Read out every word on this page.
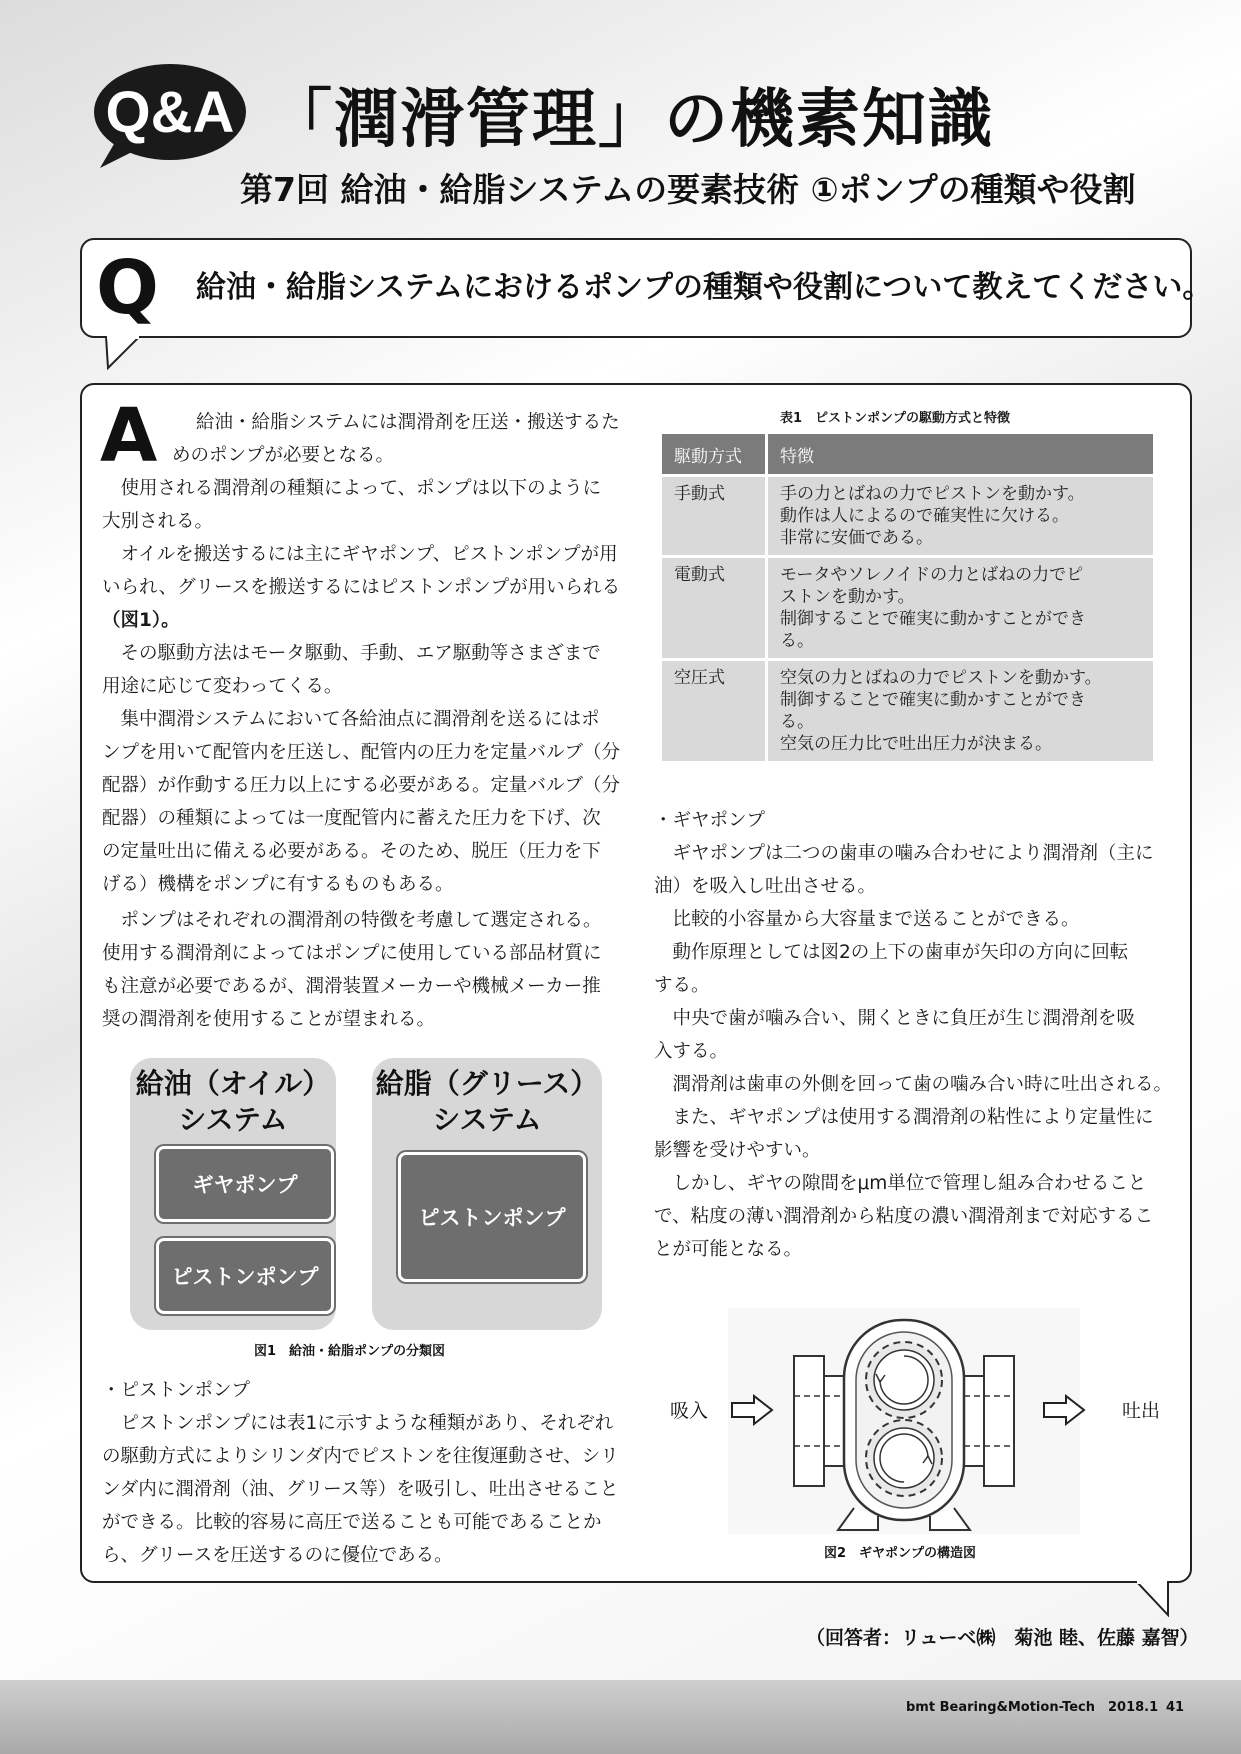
Q&A 「潤滑管理」の機素知識
第7回 給油・給脂システムの要素技術 ①ポンプの種類や役割
Q 給油・給脂システムにおけるポンプの種類や役割について教えてください。
A 給油・給脂システムには潤滑剤を圧送・搬送するた
めのポンプが必要となる。
　使用される潤滑剤の種類によって、ポンプは以下のように
大別される。
　オイルを搬送するには主にギヤポンプ、ピストンポンプが用
いられ、グリースを搬送するにはピストンポンプが用いられる
（図1）。
　その駆動方法はモータ駆動、手動、エア駆動等さまざまで
用途に応じて変わってくる。
　集中潤滑システムにおいて各給油点に潤滑剤を送るにはポ
ンプを用いて配管内を圧送し、配管内の圧力を定量バルブ（分
配器）が作動する圧力以上にする必要がある。定量バルブ（分
配器）の種類によっては一度配管内に蓄えた圧力を下げ、次
の定量吐出に備える必要がある。そのため、脱圧（圧力を下
げる）機構をポンプに有するものもある。
　ポンプはそれぞれの潤滑剤の特徴を考慮して選定される。
使用する潤滑剤によってはポンプに使用している部品材質に
も注意が必要であるが、潤滑装置メーカーや機械メーカー推
奨の潤滑剤を使用することが望まれる。
給油（オイル）
システム
ギヤポンプ
ピストンポンプ
給脂（グリース）
システム
ピストンポンプ
図1　給油・給脂ポンプの分類図
・ピストンポンプ
　ピストンポンプには表1に示すような種類があり、それぞれ
の駆動方式によりシリンダ内でピストンを往復運動させ、シリ
ンダ内に潤滑剤（油、グリース等）を吸引し、吐出させること
ができる。比較的容易に高圧で送ることも可能であることか
ら、グリースを圧送するのに優位である。
表1　ピストンポンプの駆動方式と特徴
駆動方式	特徴
手動式	手の力とばねの力でピストンを動かす。
動作は人によるので確実性に欠ける。
非常に安価である。

電動式	モータやソレノイドの力とばねの力でピ
ストンを動かす。
制御することで確実に動かすことができ
る。

空圧式	空気の力とばねの力でピストンを動かす。
制御することで確実に動かすことができ
る。
空気の圧力比で吐出圧力が決まる。
・ギヤポンプ
　ギヤポンプは二つの歯車の噛み合わせにより潤滑剤（主に
油）を吸入し吐出させる。
　比較的小容量から大容量まで送ることができる。
　動作原理としては図2の上下の歯車が矢印の方向に回転
する。
　中央で歯が噛み合い、開くときに負圧が生じ潤滑剤を吸
入する。
　潤滑剤は歯車の外側を回って歯の噛み合い時に吐出される。
　また、ギヤポンプは使用する潤滑剤の粘性により定量性に
影響を受けやすい。
　しかし、ギヤの隙間をμm単位で管理し組み合わせること
で、粘度の薄い潤滑剤から粘度の濃い潤滑剤まで対応するこ
とが可能となる。
吸入	吐出
図2　ギヤポンプの構造図
（回答者：リューベ㈱　菊池 睦、佐藤 嘉智）
bmt Bearing&Motion-Tech　2018.1 41
